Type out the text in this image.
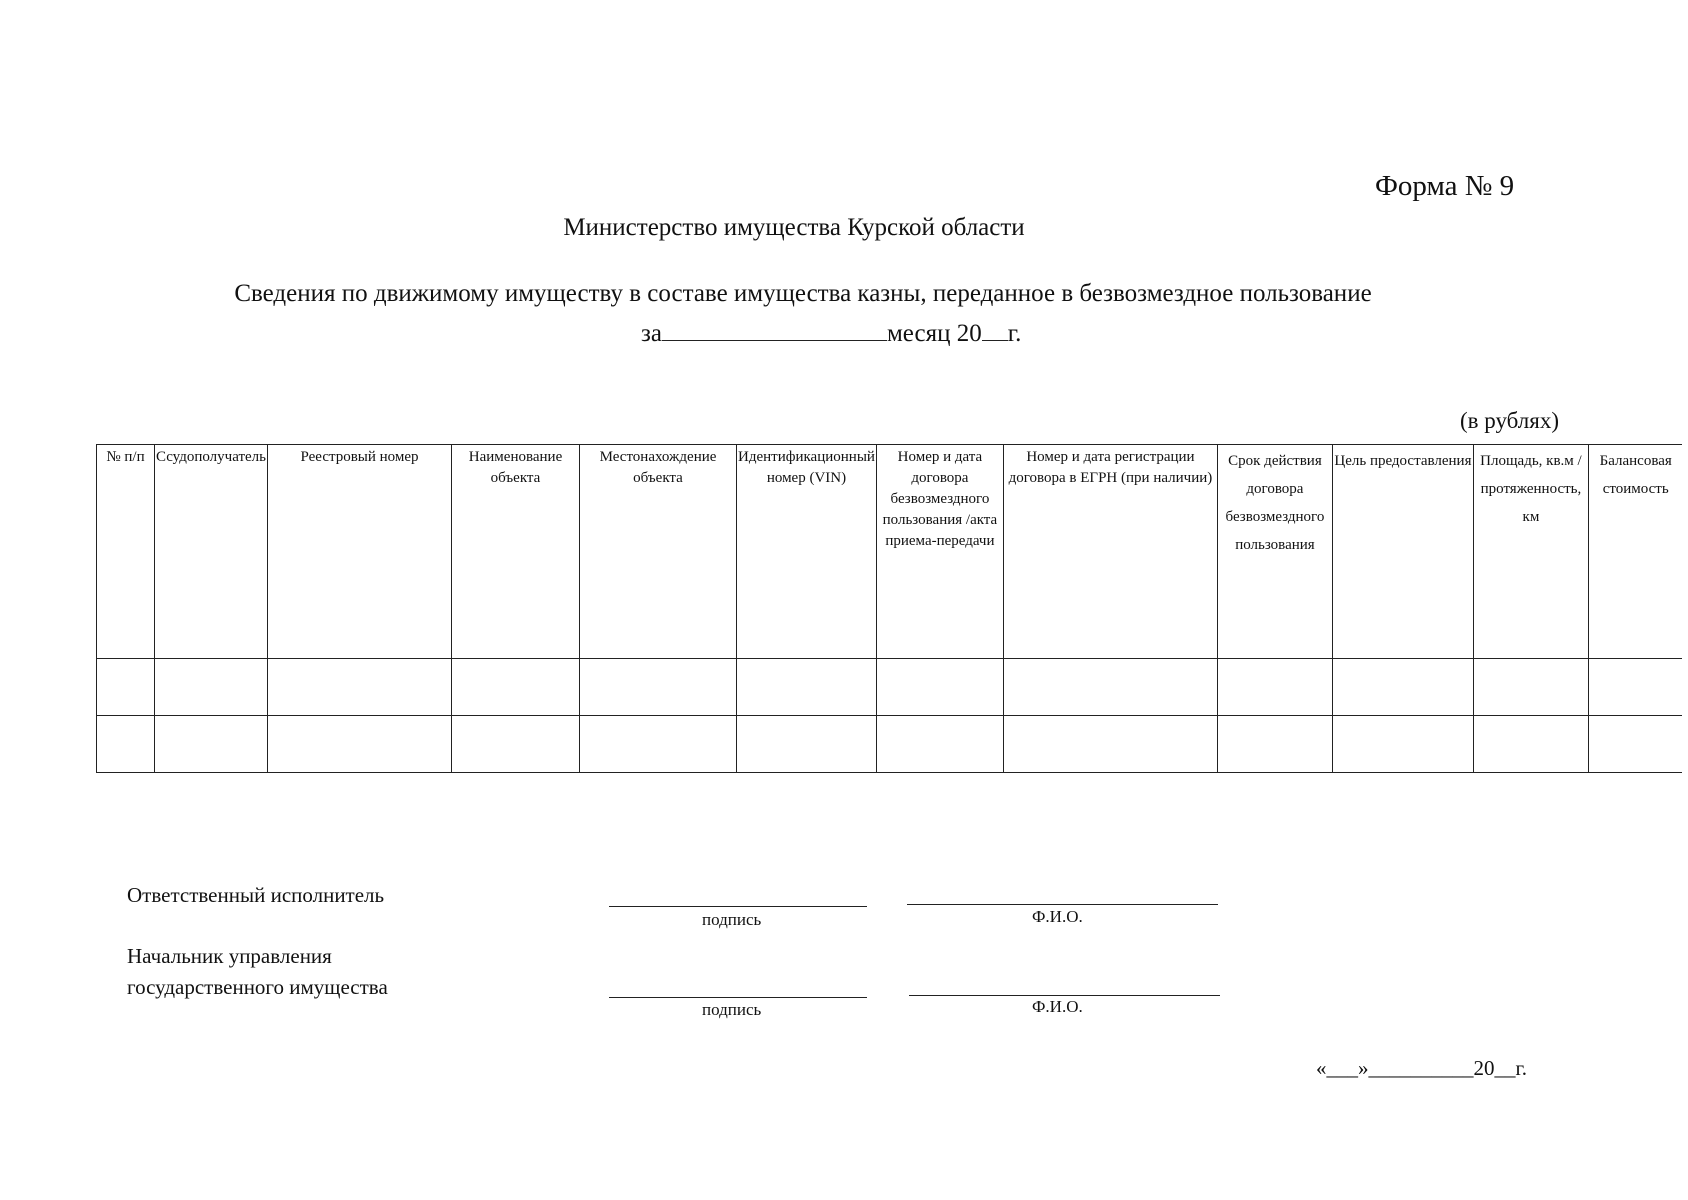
Форма № 9
Министерство имущества Курской области
Сведения по движимому имуществу в составе имущества казны, переданное в безвозмездное пользование
за	месяц 20 г.
(в рублях)
№ п/п	Ссудополучатель	Реестровый номер	Наименование объекта	Местонахождение объекта	Идентификационный номер (VIN)	Номер и дата договора безвозмездного пользования /акта приема-передачи	Номер и дата регистрации договора в ЕГРН (при наличии)	Срок действия договора безвозмездного пользования	Цель предоставления	Площадь, кв.м / протяженность, км	Балансовая стоимость

Ответственный исполнитель
подпись	Ф.И.О.
Начальник управления
государственного имущества
подпись	Ф.И.О.
«___»__________20__г.
